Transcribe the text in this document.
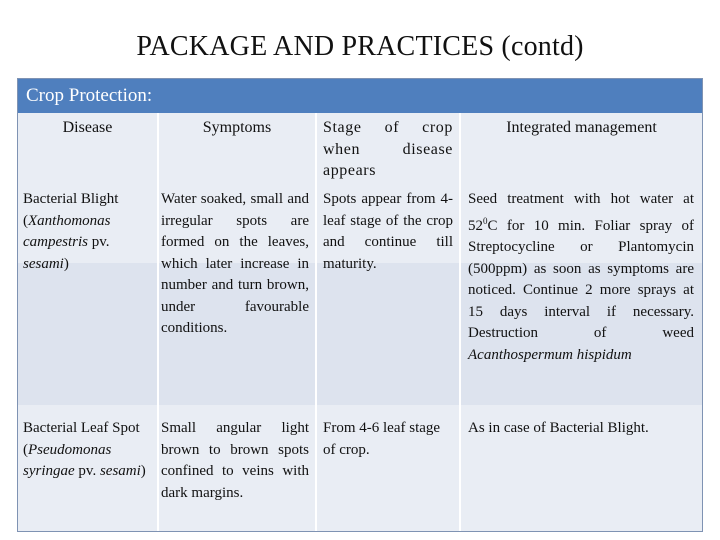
PACKAGE AND PRACTICES (contd)
Crop Protection:
Disease	Symptoms	Stage of crop when disease appears
Integrated management
Bacterial Blight
(Xanthomonas campestris pv. sesami)
Water soaked, small and irregular spots are formed on the leaves, which later increase in number and turn brown, under favourable conditions.
Spots appear from 4-leaf stage of the crop and continue till maturity.
Seed treatment with hot water at $52^0C$ for 10 min. Foliar spray of Streptocycline or Plantomycin (500ppm) as soon as symptoms are noticed. Continue 2 more sprays at 15 days interval if necessary. Destruction of weed Acanthospermum hispidum
Bacterial Leaf Spot
(Pseudomonas syringae pv. sesami)
Small angular light brown to brown spots confined to veins with dark margins.
From 4-6 leaf stage of crop.
As in case of Bacterial Blight.
